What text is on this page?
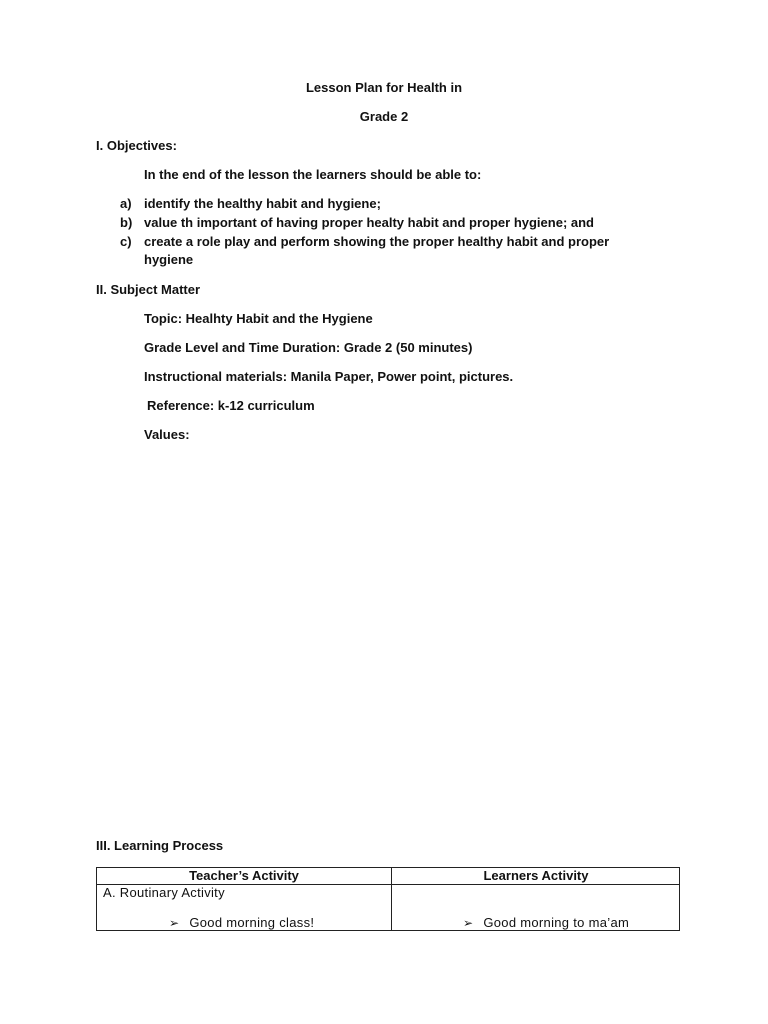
Lesson Plan for Health in
Grade 2
I. Objectives:
In the end of the lesson the learners should be able to:
a) identify the healthy habit and hygiene;
b) value th important of having proper healty habit and proper hygiene; and
c) create a role play and perform showing the proper healthy habit and proper
hygiene
II. Subject Matter
Topic: Healhty Habit and the Hygiene
Grade Level and Time Duration: Grade 2 (50 minutes)
Instructional materials: Manila Paper, Power point, pictures.
Reference: k-12 curriculum
Values:
III. Learning Process
Teacher’s Activity	Learners Activity
A. Routinary Activity
➢ Good morning class!	➢ Good morning to ma’am
